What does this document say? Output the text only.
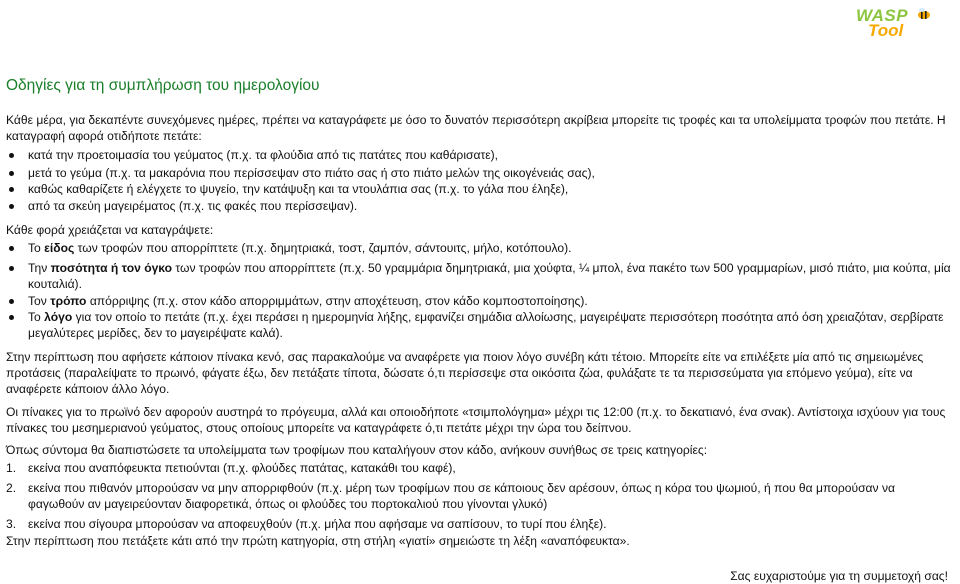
WASP
Tool
Οδηγίες για τη συμπλήρωση του ημερολογίου

Κάθε μέρα, για δεκαπέντε συνεχόμενες ημέρες, πρέπει να καταγράφετε με όσο το δυνατόν περισσότερη ακρίβεια μπορείτε τις τροφές και τα υπολείμματα τροφών που πετάτε. Η καταγραφή αφορά οτιδήποτε πετάτε:

κατά την προετοιμασία του γεύματος (π.χ. τα φλούδια από τις πατάτες που καθάρισατε),
μετά το γεύμα (π.χ. τα μακαρόνια που περίσσεψαν στο πιάτο σας ή στο πιάτο μελών της οικογένειάς σας),
καθώς καθαρίζετε ή ελέγχετε το ψυγείο, την κατάψυξη και τα ντουλάπια σας (π.χ. το γάλα που έληξε),
από τα σκεύη μαγειρέματος (π.χ. τις φακές που περίσσεψαν).

Κάθε φορά χρειάζεται να καταγράψετε:

Το είδος των τροφών που απορρίπτετε (π.χ. δημητριακά, τοστ, ζαμπόν, σάντουιτς, μήλο, κοτόπουλο).
Την ποσότητα ή τον όγκο των τροφών που απορρίπτετε (π.χ. 50 γραμμάρια δημητριακά, μια χούφτα, ¼ μπολ, ένα πακέτο των 500 γραμμαρίων, μισό πιάτο, μια κούπα, μία κουταλιά).
Τον τρόπο απόρριψης (π.χ. στον κάδο απορριμμάτων, στην αποχέτευση, στον κάδο κομποστοποίησης).
Το λόγο για τον οποίο το πετάτε (π.χ. έχει περάσει η ημερομηνία λήξης, εμφανίζει σημάδια αλλοίωσης, μαγειρέψατε περισσότερη ποσότητα από όση χρειαζόταν, σερβίρατε μεγαλύτερες μερίδες, δεν το μαγειρέψατε καλά).

Στην περίπτωση που αφήσετε κάποιον πίνακα κενό, σας παρακαλούμε να αναφέρετε για ποιον λόγο συνέβη κάτι τέτοιο. Μπορείτε είτε να επιλέξετε μία από τις σημειωμένες προτάσεις (παραλείψατε το πρωινό, φάγατε έξω, δεν πετάξατε τίποτα, δώσατε ό,τι περίσσεψε στα οικόσιτα ζώα, φυλάξατε τε τα περισσεύματα για επόμενο γεύμα), είτε να αναφέρετε κάποιον άλλο λόγο.

Οι πίνακες για το πρωϊνό δεν αφορούν αυστηρά το πρόγευμα, αλλά και οποιοδήποτε «τσιμπολόγημα» μέχρι τις 12:00 (π.χ. το δεκατιανό, ένα σνακ). Αντίστοιχα ισχύουν για τους πίνακες του μεσημεριανού γεύματος, στους οποίους μπορείτε να καταγράφετε ό,τι πετάτε μέχρι την ώρα του δείπνου.

Όπως σύντομα θα διαπιστώσετε τα υπολείμματα των τροφίμων που καταλήγουν στον κάδο, ανήκουν συνήθως σε τρεις κατηγορίες:

1. εκείνα που αναπόφευκτα πετιούνται (π.χ. φλούδες πατάτας, κατακάθι του καφέ),
2. εκείνα που πιθανόν μπορούσαν να μην απορριφθούν (π.χ. μέρη των τροφίμων που σε κάποιους δεν αρέσουν, όπως η κόρα του ψωμιού, ή που θα μπορούσαν να φαγωθούν αν μαγειρεύονταν διαφορετικά, όπως οι φλούδες του πορτοκαλιού που γίνονται γλυκό)
3. εκείνα που σίγουρα μπορούσαν να αποφευχθούν (π.χ. μήλα που αφήσαμε να σαπίσουν, το τυρί που έληξε).

Στην περίπτωση που πετάξετε κάτι από την πρώτη κατηγορία, στη στήλη «γιατί» σημειώστε τη λέξη «αναπόφευκτα».

Σας ευχαριστούμε για τη συμμετοχή σας!
